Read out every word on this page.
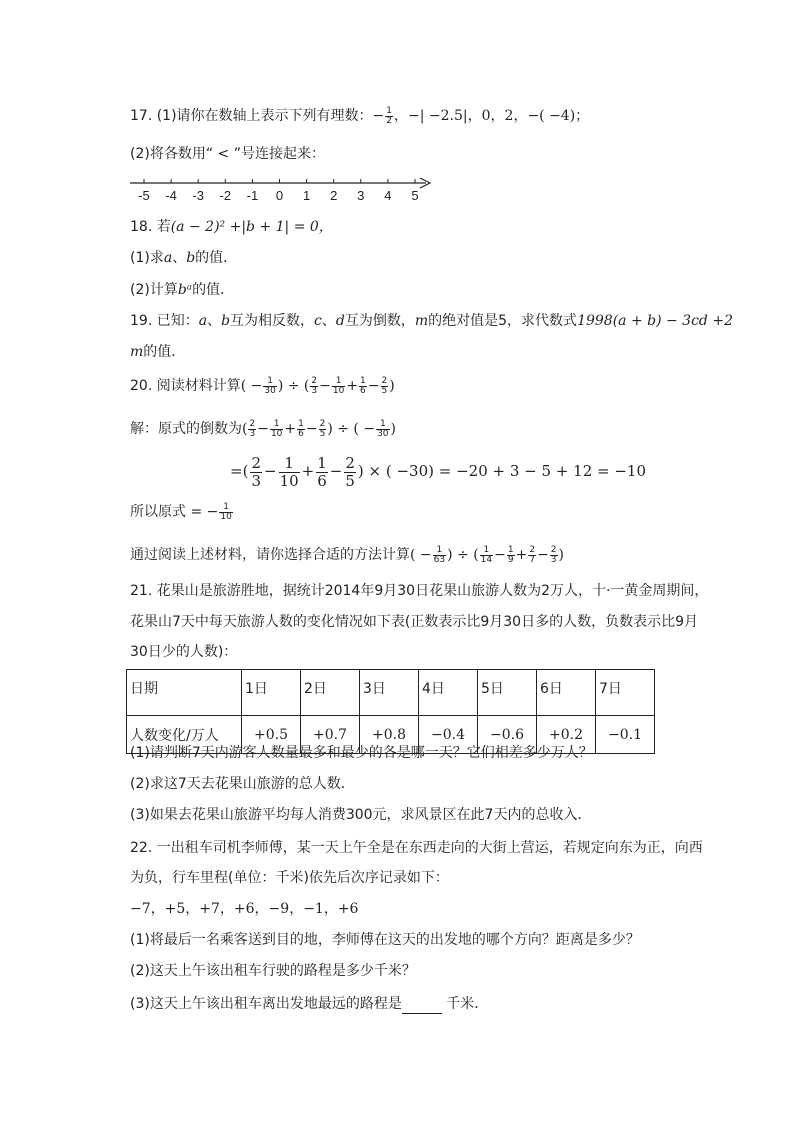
17. (1)请你在数轴上表示下列有理数：− $\frac{1}{2}$ ，−| −2.5|，0，2，−( −4)；
(2)将各数用“ < ”号连接起来：
-5 -4 -3 -2 -1 0 1 2 3 4 5
18. 若(a − 2)² +|b + 1| = 0，
(1)求a、b的值．
(2)计算bᵃ的值．
19. 已知：a、b互为相反数，c、d互为倒数，m的绝对值是5，求代数式1998(a + b) − 3cd +2
m的值．
20. 阅读材料计算( − $\frac{1}{30}$ ) ÷ ( $\frac{2}{3} - \frac{1}{10} + \frac{1}{6} - \frac{2}{5}$ )
解：原式的倒数为( $\frac{2}{3} - \frac{1}{10} + \frac{1}{6} - \frac{2}{5}$ ) ÷ ( − $\frac{1}{30}$ )
=( $\frac{2}{3} - \frac{1}{10} + \frac{1}{6} - \frac{2}{5}$ ) × ( −30) = −20 + 3 − 5 + 12 = −10
所以原式 = − $\frac{1}{10}$
通过阅读上述材料，请你选择合适的方法计算( − $\frac{1}{63}$ ) ÷ ( $\frac{1}{14} - \frac{1}{9} + \frac{2}{7} - \frac{2}{3}$ )
21. 花果山是旅游胜地，据统计2014年9月30日花果山旅游人数为2万人，十·一黄金周期间，
花果山7天中每天旅游人数的变化情况如下表(正数表示比9月30日多的人数，负数表示比9月
30日少的人数)：
日期	1日	2日	3日	4日	5日	6日	7日
人数变化/万人	+0.5	+0.7	+0.8	−0.4	−0.6	+0.2	−0.1
(1)请判断7天内游客人数量最多和最少的各是哪一天？它们相差多少万人？
(2)求这7天去花果山旅游的总人数．
(3)如果去花果山旅游平均每人消费300元，求风景区在此7天内的总收入．
22. 一出租车司机李师傅，某一天上午全是在东西走向的大街上营运，若规定向东为正，向西
为负，行车里程(单位：千米)依先后次序记录如下：
−7，+5，+7，+6，−9，−1，+6
(1)将最后一名乘客送到目的地，李师傅在这天的出发地的哪个方向？距离是多少？
(2)这天上午该出租车行驶的路程是多少千米？
(3)这天上午该出租车离出发地最远的路程是	千米．
